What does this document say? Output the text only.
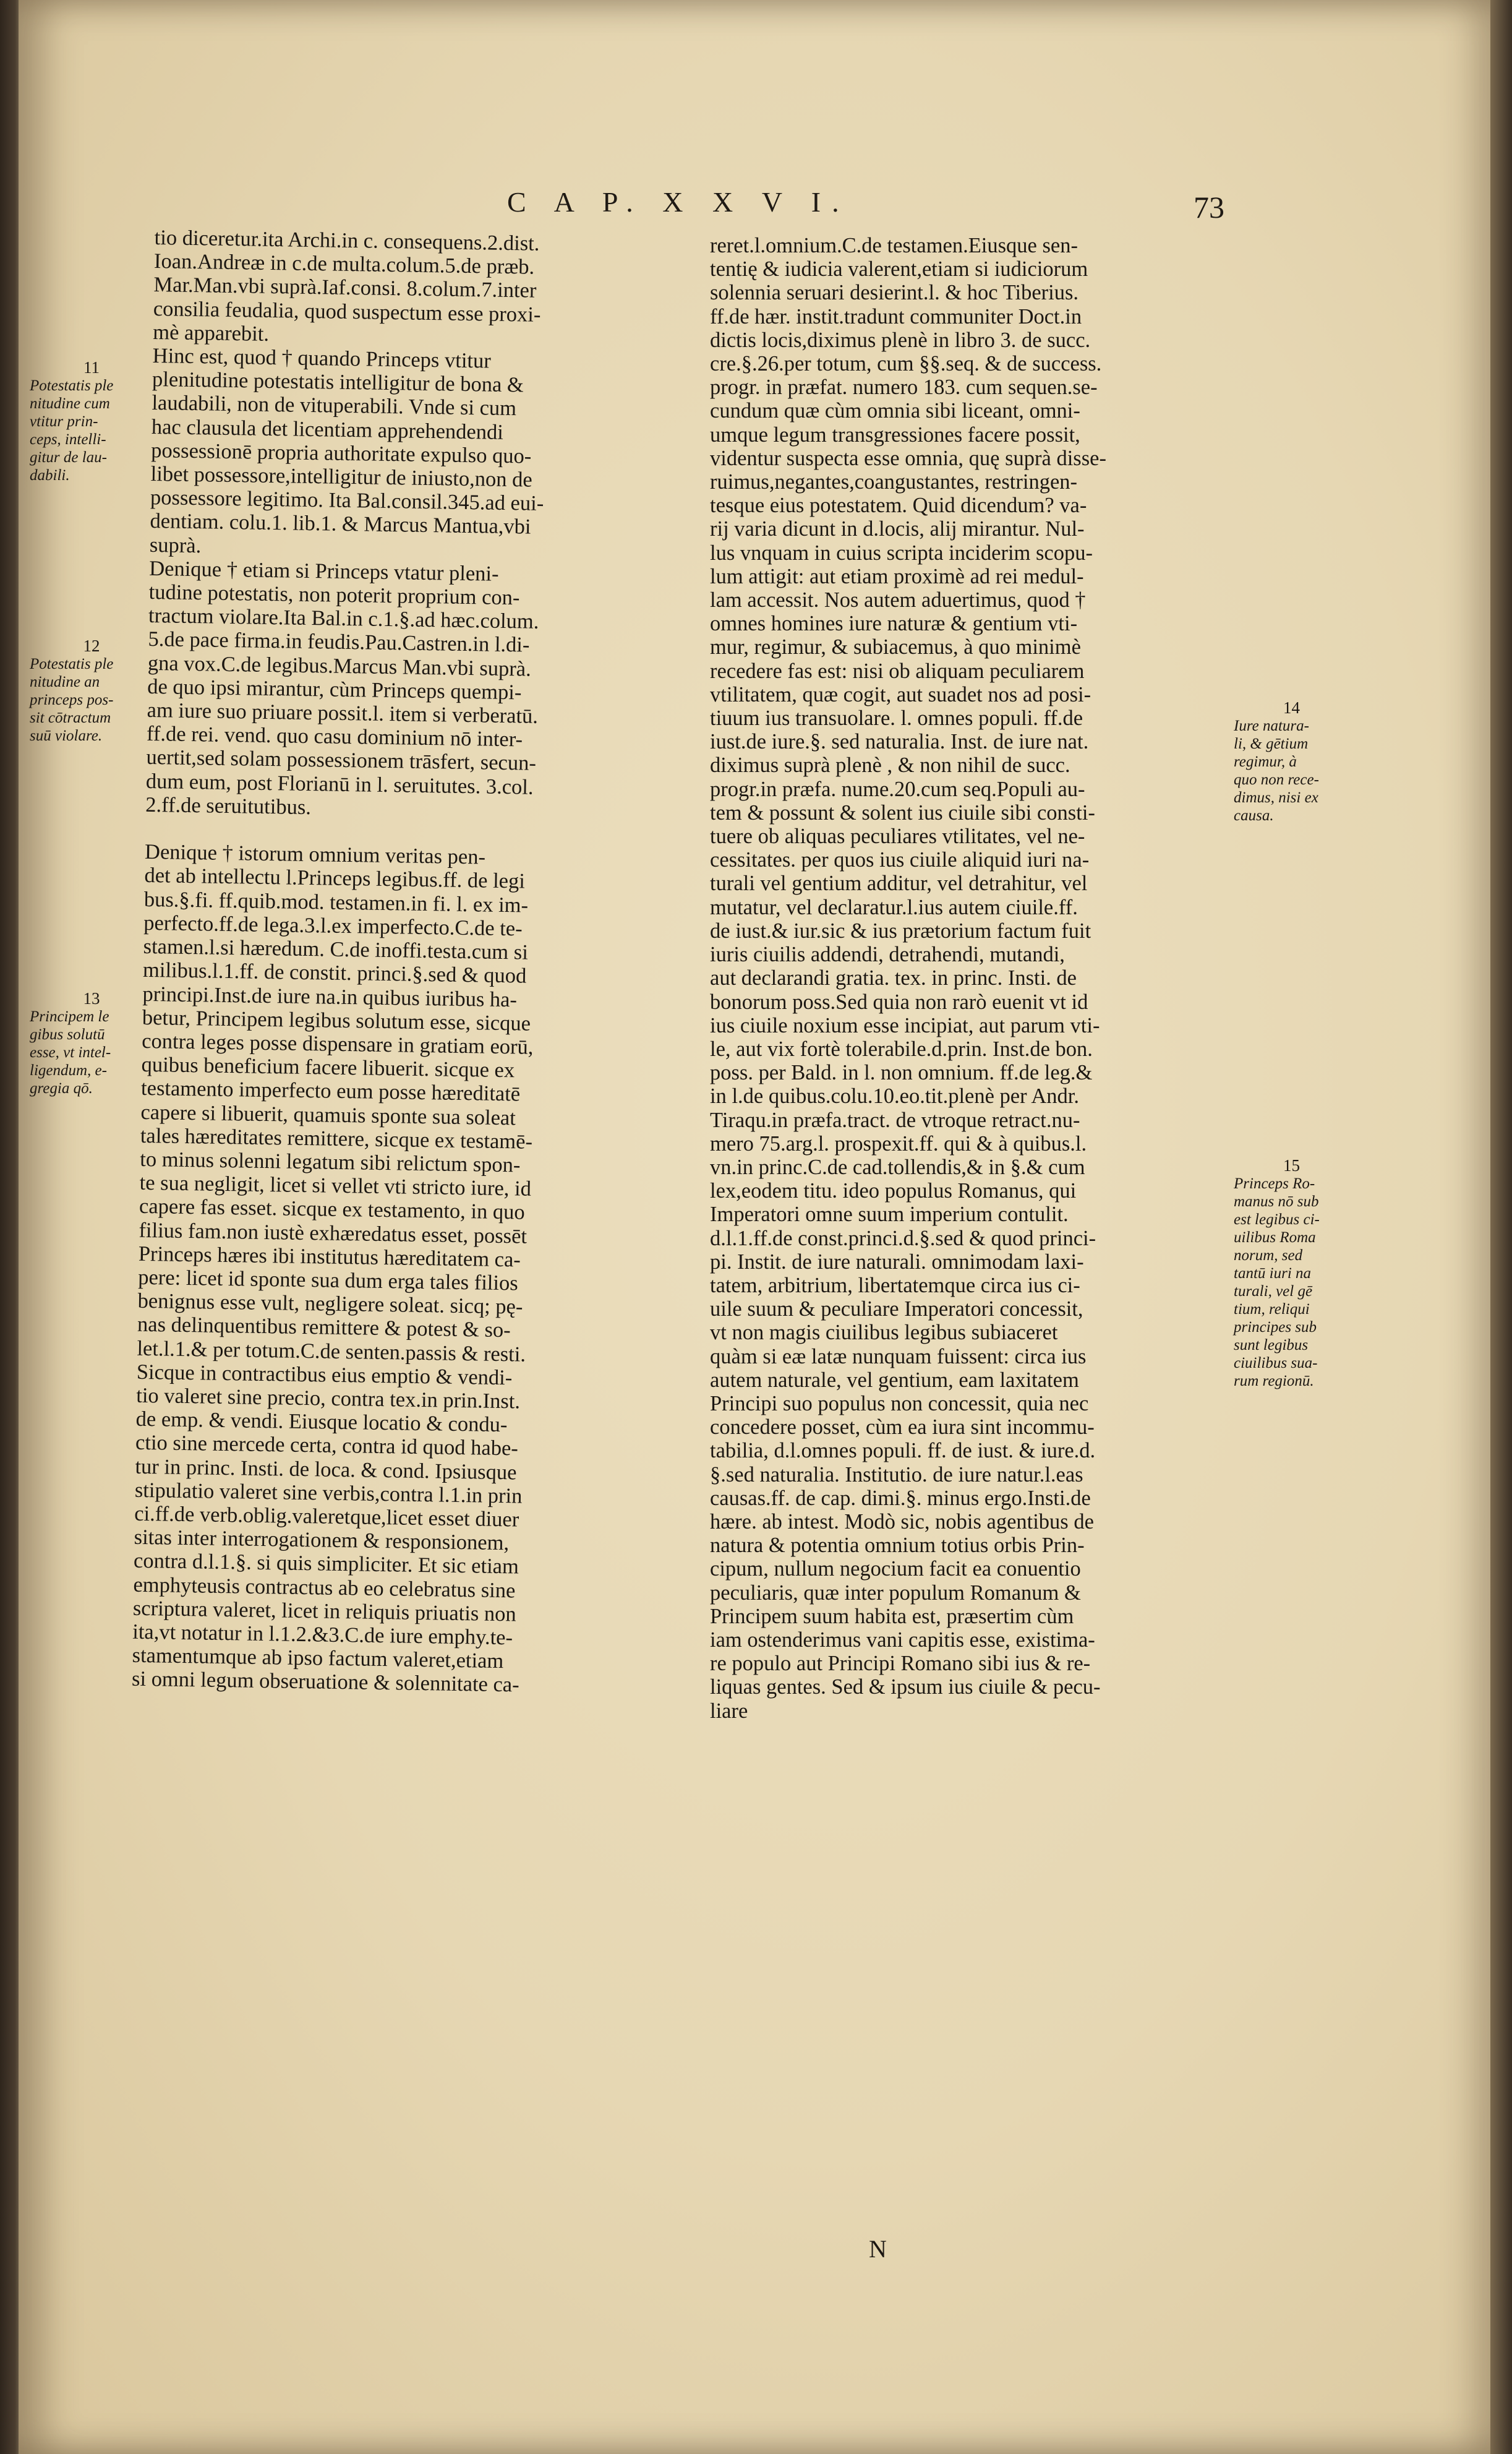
C A P. X X V I.	73

tio diceretur.ita Archi.in c. consequens.2.dist.

Ioan.Andreæ in c.de multa.colum.5.de præb.

Mar.Man.vbi suprà.Iaf.consi. 8.colum.7.inter

consilia feudalia, quod suspectum esse proxi-

mè apparebit.

Hinc est, quod † quando Princeps vtitur

plenitudine potestatis intelligitur de bona &

laudabili, non de vituperabili. Vnde si cum

hac clausula det licentiam apprehendendi

possessionē propria authoritate expulso quo-

libet possessore,intelligitur de iniusto,non de

possessore legitimo. Ita Bal.consil.345.ad eui-

dentiam. colu.1. lib.1. & Marcus Mantua,vbi

suprà.

Denique † etiam si Princeps vtatur pleni-

tudine potestatis, non poterit proprium con-

tractum violare.Ita Bal.in c.1.§.ad hæc.colum.

5.de pace firma.in feudis.Pau.Castren.in l.di-

gna vox.C.de legibus.Marcus Man.vbi suprà.

de quo ipsi mirantur, cùm Princeps quempi-

am iure suo priuare possit.l. item si verberatū.

ff.de rei. vend. quo casu dominium nō inter-

uertit,sed solam possessionem trāsfert, secun-

dum eum, post Florianū in l. seruitutes. 3.col.

2.ff.de seruitutibus.

Denique † istorum omnium veritas pen-

det ab intellectu l.Princeps legibus.ff. de legi

bus.§.fi. ff.quib.mod. testamen.in fi. l. ex im-

perfecto.ff.de lega.3.l.ex imperfecto.C.de te-

stamen.l.si hæredum. C.de inoffi.testa.cum si

milibus.l.1.ff. de constit. princi.§.sed & quod

principi.Inst.de iure na.in quibus iuribus ha-

betur, Principem legibus solutum esse, sicque

contra leges posse dispensare in gratiam eorū,

quibus beneficium facere libuerit. sicque ex

testamento imperfecto eum posse hæreditatē

capere si libuerit, quamuis sponte sua soleat

tales hæreditates remittere, sicque ex testamē-

to minus solenni legatum sibi relictum spon-

te sua negligit, licet si vellet vti stricto iure, id

capere fas esset. sicque ex testamento, in quo

filius fam.non iustè exhæredatus esset, possēt

Princeps hæres ibi institutus hæreditatem ca-

pere: licet id sponte sua dum erga tales filios

benignus esse vult, negligere soleat. sicq; pę-

nas delinquentibus remittere & potest & so-

let.l.1.& per totum.C.de senten.passis & resti.

Sicque in contractibus eius emptio & vendi-

tio valeret sine precio, contra tex.in prin.Inst.

de emp. & vendi. Eiusque locatio & condu-

ctio sine mercede certa, contra id quod habe-

tur in princ. Insti. de loca. & cond. Ipsiusque

stipulatio valeret sine verbis,contra l.1.in prin

ci.ff.de verb.oblig.valeretque,licet esset diuer

sitas inter interrogationem & responsionem,

contra d.l.1.§. si quis simpliciter. Et sic etiam

emphyteusis contractus ab eo celebratus sine

scriptura valeret, licet in reliquis priuatis non

ita,vt notatur in l.1.2.&3.C.de iure emphy.te-

stamentumque ab ipso factum valeret,etiam

si omni legum obseruatione & solennitate ca-

reret.l.omnium.C.de testamen.Eiusque sen-

tentię & iudicia valerent,etiam si iudiciorum

solennia seruari desierint.l. & hoc Tiberius.

ff.de hær. instit.tradunt communiter Doct.in

dictis locis,diximus plenè in libro 3. de succ.

cre.§.26.per totum, cum §§.seq. & de success.

progr. in præfat. numero 183. cum sequen.se-

cundum quæ cùm omnia sibi liceant, omni-

umque legum transgressiones facere possit,

videntur suspecta esse omnia, quę suprà disse-

ruimus,negantes,coangustantes, restringen-

tesque eius potestatem. Quid dicendum? va-

rij varia dicunt in d.locis, alij mirantur. Nul-

lus vnquam in cuius scripta inciderim scopu-

lum attigit: aut etiam proximè ad rei medul-

lam accessit. Nos autem aduertimus, quod †

omnes homines iure naturæ & gentium vti-

mur, regimur, & subiacemus, à quo minimè

recedere fas est: nisi ob aliquam peculiarem

vtilitatem, quæ cogit, aut suadet nos ad posi-

tiuum ius transuolare. l. omnes populi. ff.de

iust.de iure.§. sed naturalia. Inst. de iure nat.

diximus suprà plenè , & non nihil de succ.

progr.in præfa. nume.20.cum seq.Populi au-

tem & possunt & solent ius ciuile sibi consti-

tuere ob aliquas peculiares vtilitates, vel ne-

cessitates. per quos ius ciuile aliquid iuri na-

turali vel gentium additur, vel detrahitur, vel

mutatur, vel declaratur.l.ius autem ciuile.ff.

de iust.& iur.sic & ius prætorium factum fuit

iuris ciuilis addendi, detrahendi, mutandi,

aut declarandi gratia. tex. in princ. Insti. de

bonorum poss.Sed quia non rarò euenit vt id

ius ciuile noxium esse incipiat, aut parum vti-

le, aut vix fortè tolerabile.d.prin. Inst.de bon.

poss. per Bald. in l. non omnium. ff.de leg.&

in l.de quibus.colu.10.eo.tit.plenè per Andr.

Tiraqu.in præfa.tract. de vtroque retract.nu-

mero 75.arg.l. prospexit.ff. qui & à quibus.l.

vn.in princ.C.de cad.tollendis,& in §.& cum

lex,eodem titu. ideo populus Romanus, qui

Imperatori omne suum imperium contulit.

d.l.1.ff.de const.princi.d.§.sed & quod princi-

pi. Instit. de iure naturali. omnimodam laxi-

tatem, arbitrium, libertatemque circa ius ci-

uile suum & peculiare Imperatori concessit,

vt non magis ciuilibus legibus subiaceret

quàm si eæ latæ nunquam fuissent: circa ius

autem naturale, vel gentium, eam laxitatem

Principi suo populus non concessit, quia nec

concedere posset, cùm ea iura sint incommu-

tabilia, d.l.omnes populi. ff. de iust. & iure.d.

§.sed naturalia. Institutio. de iure natur.l.eas

causas.ff. de cap. dimi.§. minus ergo.Insti.de

hære. ab intest. Modò sic, nobis agentibus de

natura & potentia omnium totius orbis Prin-

cipum, nullum negocium facit ea conuentio

peculiaris, quæ inter populum Romanum &

Principem suum habita est, præsertim cùm

iam ostenderimus vani capitis esse, existima-

re populo aut Principi Romano sibi ius & re-

liquas gentes. Sed & ipsum ius ciuile & pecu-

liare

11
Potestatis ple
nitudine cum
vtitur prin-
ceps, intelli-
gitur de lau-
dabili.
12
Potestatis ple
nitudine an
princeps pos-
sit cōtractum
suū violare.
13
Principem le
gibus solutū
esse, vt intel-
ligendum, e-
gregia qō.
14
Iure natura-
li, & gētium
regimur, à
quo non rece-
dimus, nisi ex
causa.
15
Princeps Ro-
manus nō sub
est legibus ci-
uilibus Roma
norum, sed
tantū iuri na
turali, vel gē
tium, reliqui
principes sub
sunt legibus
ciuilibus sua-
rum regionū.
N
